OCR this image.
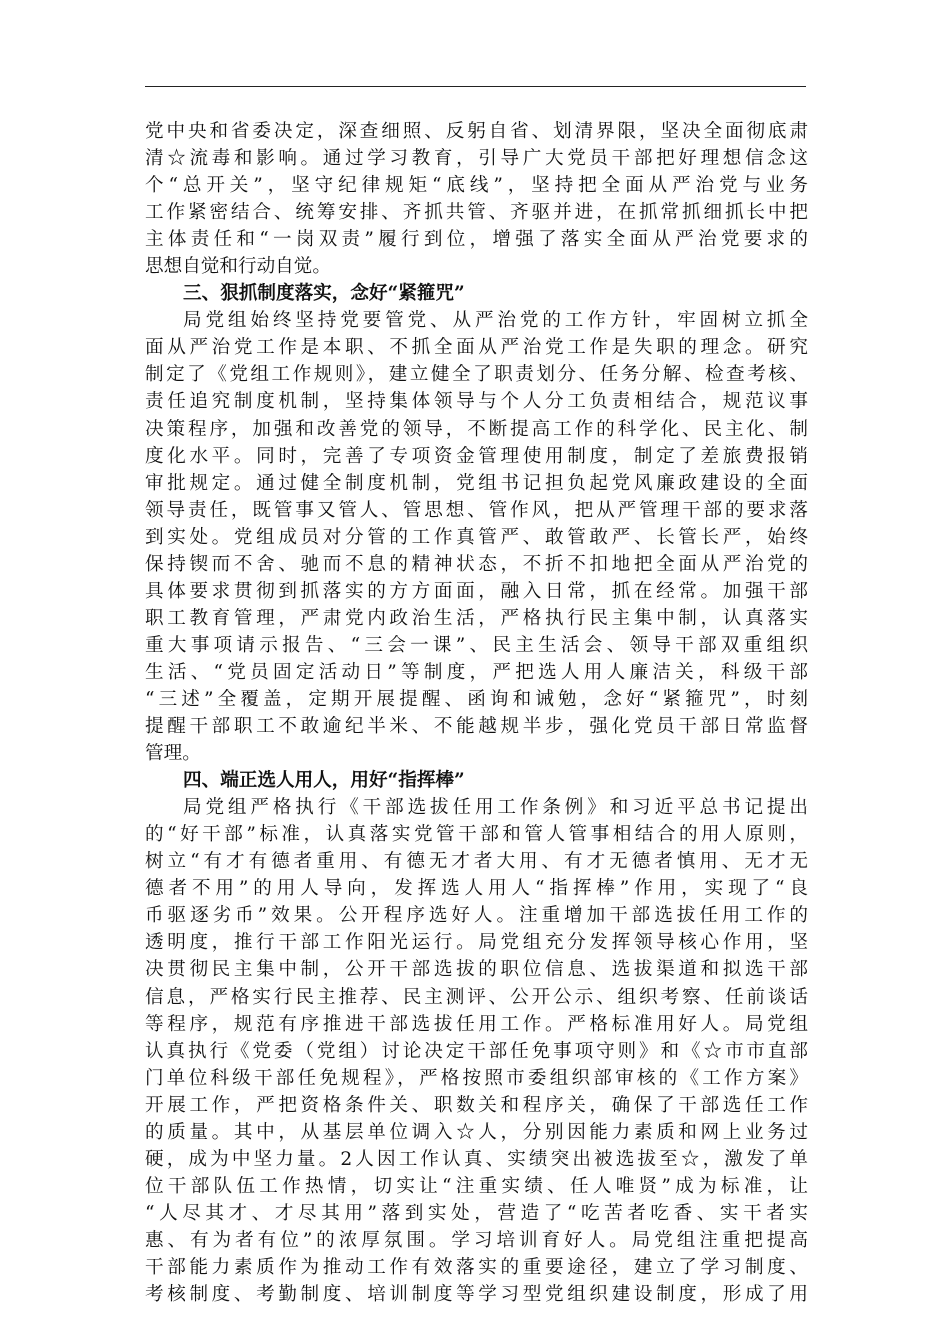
党中央和省委决定，深查细照、反躬自省、划清界限，坚决全面彻底肃
清☆流毒和影响。通过学习教育，引导广大党员干部把好理想信念这
个“总开关”，坚守纪律规矩“底线”，坚持把全面从严治党与业务
工作紧密结合、统筹安排、齐抓共管、齐驱并进，在抓常抓细抓长中把
主体责任和“一岗双责”履行到位，增强了落实全面从严治党要求的
思想自觉和行动自觉。
三、狠抓制度落实，念好“紧箍咒”
局党组始终坚持党要管党、从严治党的工作方针，牢固树立抓全
面从严治党工作是本职、不抓全面从严治党工作是失职的理念。研究
制定了《党组工作规则》，建立健全了职责划分、任务分解、检查考核、
责任追究制度机制，坚持集体领导与个人分工负责相结合，规范议事
决策程序，加强和改善党的领导，不断提高工作的科学化、民主化、制
度化水平。同时，完善了专项资金管理使用制度，制定了差旅费报销
审批规定。通过健全制度机制，党组书记担负起党风廉政建设的全面
领导责任，既管事又管人、管思想、管作风，把从严管理干部的要求落
到实处。党组成员对分管的工作真管严、敢管敢严、长管长严，始终
保持锲而不舍、驰而不息的精神状态，不折不扣地把全面从严治党的
具体要求贯彻到抓落实的方方面面，融入日常，抓在经常。加强干部
职工教育管理，严肃党内政治生活，严格执行民主集中制，认真落实
重大事项请示报告、“三会一课”、民主生活会、领导干部双重组织
生活、“党员固定活动日”等制度，严把选人用人廉洁关，科级干部
“三述”全覆盖，定期开展提醒、函询和诫勉，念好“紧箍咒”，时刻
提醒干部职工不敢逾纪半米、不能越规半步，强化党员干部日常监督
管理。
四、端正选人用人，用好“指挥棒”
局党组严格执行《干部选拔任用工作条例》和习近平总书记提出
的“好干部”标准，认真落实党管干部和管人管事相结合的用人原则，
树立“有才有德者重用、有德无才者大用、有才无德者慎用、无才无
德者不用”的用人导向，发挥选人用人“指挥棒”作用，实现了“良
币驱逐劣币”效果。公开程序选好人。注重增加干部选拔任用工作的
透明度，推行干部工作阳光运行。局党组充分发挥领导核心作用，坚
决贯彻民主集中制，公开干部选拔的职位信息、选拔渠道和拟选干部
信息，严格实行民主推荐、民主测评、公开公示、组织考察、任前谈话
等程序，规范有序推进干部选拔任用工作。严格标准用好人。局党组
认真执行《党委（党组）讨论决定干部任免事项守则》和《☆市市直部
门单位科级干部任免规程》，严格按照市委组织部审核的《工作方案》
开展工作，严把资格条件关、职数关和程序关，确保了干部选任工作
的质量。其中，从基层单位调入☆人，分别因能力素质和网上业务过
硬，成为中坚力量。2人因工作认真、实绩突出被选拔至☆，激发了单
位干部队伍工作热情，切实让“注重实绩、任人唯贤”成为标准，让
“人尽其才、才尽其用”落到实处，营造了“吃苦者吃香、实干者实
惠、有为者有位”的浓厚氛围。学习培训育好人。局党组注重把提高
干部能力素质作为推动工作有效落实的重要途径，建立了学习制度、
考核制度、考勤制度、培训制度等学习型党组织建设制度，形成了用
